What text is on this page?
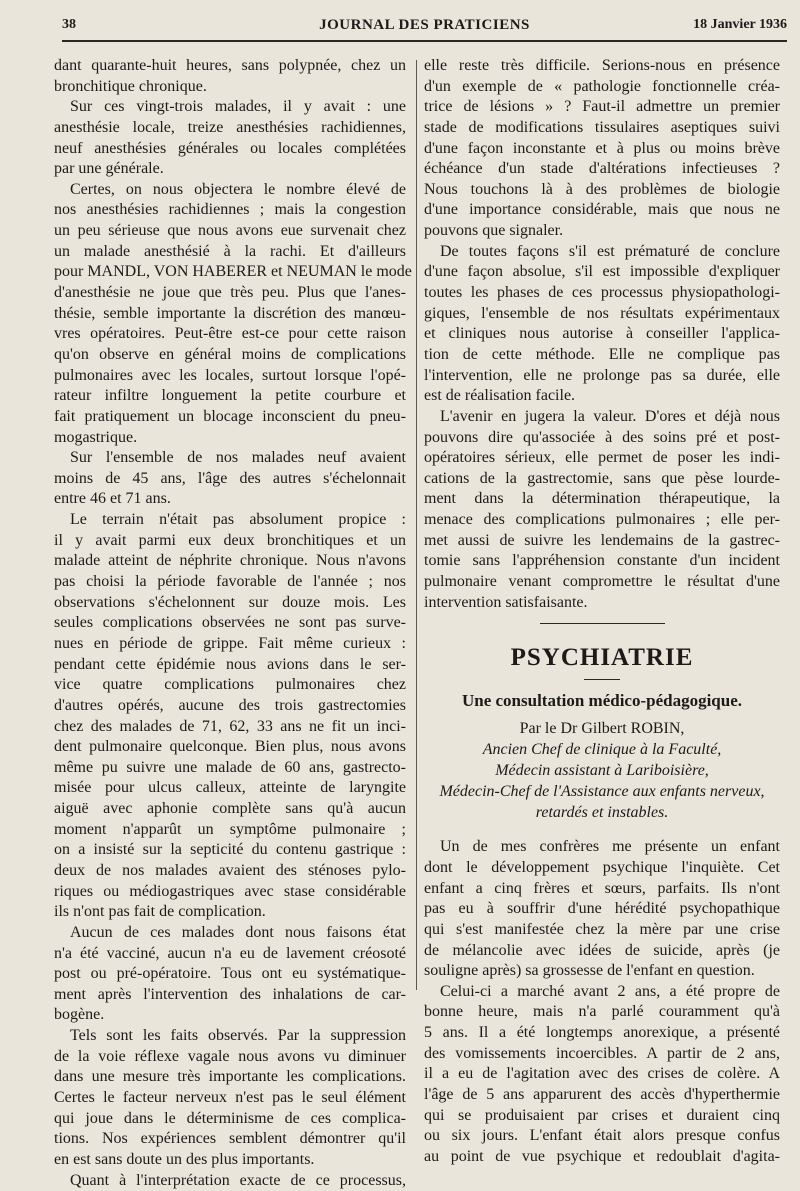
38	JOURNAL DES PRATICIENS	18 Janvier 1936
dant quarante-huit heures, sans polypnée, chez un
bronchitique chronique.
Sur ces vingt-trois malades, il y avait : une
anesthésie locale, treize anesthésies rachidiennes,
neuf anesthésies générales ou locales complétées
par une générale.
Certes, on nous objectera le nombre élevé de
nos anesthésies rachidiennes ; mais la congestion
un peu sérieuse que nous avons eue survenait chez
un malade anesthésié à la rachi. Et d'ailleurs
pour MANDL, VON HABERER et NEUMAN le mode
d'anesthésie ne joue que très peu. Plus que l'anes-
thésie, semble importante la discrétion des manœu-
vres opératoires. Peut-être est-ce pour cette raison
qu'on observe en général moins de complications
pulmonaires avec les locales, surtout lorsque l'opé-
rateur infiltre longuement la petite courbure et
fait pratiquement un blocage inconscient du pneu-
mogastrique.
Sur l'ensemble de nos malades neuf avaient
moins de 45 ans, l'âge des autres s'échelonnait
entre 46 et 71 ans.
Le terrain n'était pas absolument propice :
il y avait parmi eux deux bronchitiques et un
malade atteint de néphrite chronique. Nous n'avons
pas choisi la période favorable de l'année ; nos
observations s'échelonnent sur douze mois. Les
seules complications observées ne sont pas surve-
nues en période de grippe. Fait même curieux :
pendant cette épidémie nous avions dans le ser-
vice quatre complications pulmonaires chez
d'autres opérés, aucune des trois gastrectomies
chez des malades de 71, 62, 33 ans ne fit un inci-
dent pulmonaire quelconque. Bien plus, nous avons
même pu suivre une malade de 60 ans, gastrecto-
misée pour ulcus calleux, atteinte de laryngite
aiguë avec aphonie complète sans qu'à aucun
moment n'apparût un symptôme pulmonaire ;
on a insisté sur la septicité du contenu gastrique :
deux de nos malades avaient des sténoses pylo-
riques ou médiogastriques avec stase considérable
ils n'ont pas fait de complication.
Aucun de ces malades dont nous faisons état
n'a été vacciné, aucun n'a eu de lavement créosoté
post ou pré-opératoire. Tous ont eu systématique-
ment après l'intervention des inhalations de car-
bogène.
Tels sont les faits observés. Par la suppression
de la voie réflexe vagale nous avons vu diminuer
dans une mesure très importante les complications.
Certes le facteur nerveux n'est pas le seul élément
qui joue dans le déterminisme de ces complica-
tions. Nos expériences semblent démontrer qu'il
en est sans doute un des plus importants.
Quant à l'interprétation exacte de ce processus,
elle reste très difficile. Serions-nous en présence
d'un exemple de « pathologie fonctionnelle créa-
trice de lésions » ? Faut-il admettre un premier
stade de modifications tissulaires aseptiques suivi
d'une façon inconstante et à plus ou moins brève
échéance d'un stade d'altérations infectieuses ?
Nous touchons là à des problèmes de biologie
d'une importance considérable, mais que nous ne
pouvons que signaler.
De toutes façons s'il est prématuré de conclure
d'une façon absolue, s'il est impossible d'expliquer
toutes les phases de ces processus physiopathologi-
giques, l'ensemble de nos résultats expérimentaux
et cliniques nous autorise à conseiller l'applica-
tion de cette méthode. Elle ne complique pas
l'intervention, elle ne prolonge pas sa durée, elle
est de réalisation facile.
L'avenir en jugera la valeur. D'ores et déjà nous
pouvons dire qu'associée à des soins pré et post-
opératoires sérieux, elle permet de poser les indi-
cations de la gastrectomie, sans que pèse lourde-
ment dans la détermination thérapeutique, la
menace des complications pulmonaires ; elle per-
met aussi de suivre les lendemains de la gastrec-
tomie sans l'appréhension constante d'un incident
pulmonaire venant compromettre le résultat d'une
intervention satisfaisante.
PSYCHIATRIE
Une consultation médico-pédagogique.
Par le Dr Gilbert ROBIN,
Ancien Chef de clinique à la Faculté,
Médecin assistant à Lariboisière,
Médecin-Chef de l'Assistance aux enfants nerveux,
retardés et instables.
Un de mes confrères me présente un enfant
dont le développement psychique l'inquiète. Cet
enfant a cinq frères et sœurs, parfaits. Ils n'ont
pas eu à souffrir d'une hérédité psychopathique
qui s'est manifestée chez la mère par une crise
de mélancolie avec idées de suicide, après (je
souligne après) sa grossesse de l'enfant en question.
Celui-ci a marché avant 2 ans, a été propre de
bonne heure, mais n'a parlé couramment qu'à
5 ans. Il a été longtemps anorexique, a présenté
des vomissements incoercibles. A partir de 2 ans,
il a eu de l'agitation avec des crises de colère. A
l'âge de 5 ans apparurent des accès d'hyperthermie
qui se produisaient par crises et duraient cinq
ou six jours. L'enfant était alors presque confus
au point de vue psychique et redoublait d'agita-
